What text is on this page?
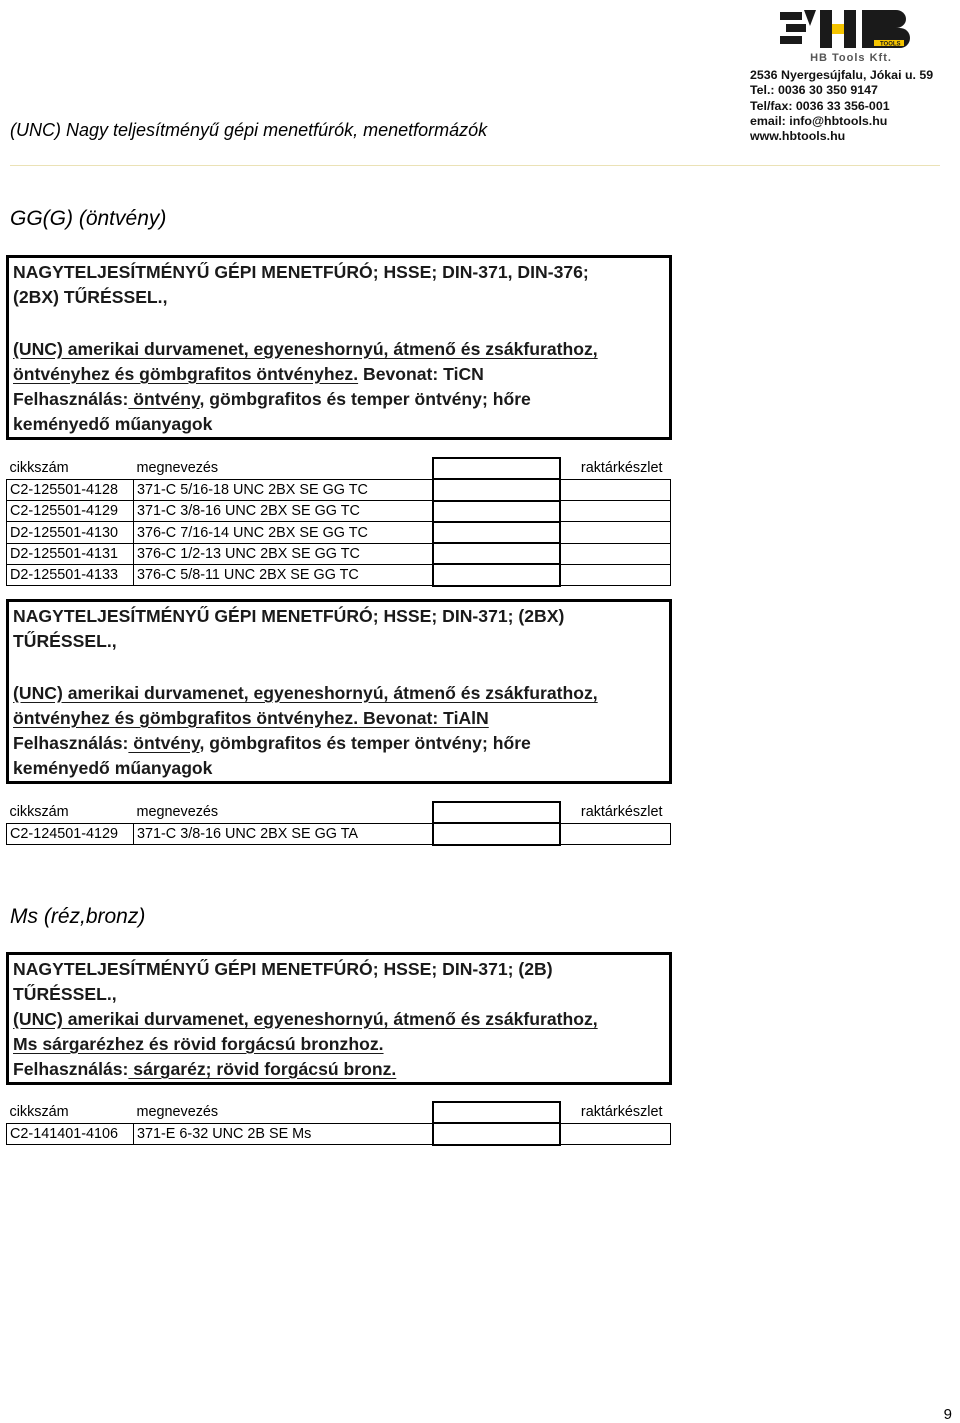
TOOLS
HB Tools Kft.
2536 Nyergesújfalu, Jókai u. 59
Tel.: 0036 30 350 9147
Tel/fax: 0036 33 356-001
email: info@hbtools.hu
www.hbtools.hu
(UNC) Nagy teljesítményű gépi menetfúrók, menetformázók
GG(G) (öntvény)
NAGYTELJESÍTMÉNYŰ GÉPI MENETFÚRÓ; HSSE; DIN-371, DIN-376;
(2BX) TŰRÉSSEL.,
(UNC) amerikai durvamenet, egyeneshornyú, átmenő és zsákfurathoz,
öntvényhez és gömbgrafitos öntvényhez. Bevonat: TiCN
Felhasználás: öntvény, gömbgrafitos és temper öntvény; hőre
keményedő műanyagok
cikkszám	megnevezés		raktárkészlet
C2-125501-4128	371-C 5/16-18 UNC 2BX SE GG TC		
C2-125501-4129	371-C 3/8-16 UNC 2BX SE GG TC		
D2-125501-4130	376-C 7/16-14 UNC 2BX SE GG TC		
D2-125501-4131	376-C 1/2-13 UNC 2BX SE GG TC		
D2-125501-4133	376-C 5/8-11 UNC 2BX SE GG TC		
NAGYTELJESÍTMÉNYŰ GÉPI MENETFÚRÓ; HSSE; DIN-371; (2BX)
TŰRÉSSEL.,
(UNC) amerikai durvamenet, egyeneshornyú, átmenő és zsákfurathoz,
öntvényhez és gömbgrafitos öntvényhez. Bevonat: TiAlN
Felhasználás: öntvény, gömbgrafitos és temper öntvény; hőre
keményedő műanyagok
cikkszám	megnevezés		raktárkészlet
C2-124501-4129	371-C 3/8-16 UNC 2BX SE GG TA		
Ms (réz,bronz)
NAGYTELJESÍTMÉNYŰ GÉPI MENETFÚRÓ; HSSE; DIN-371; (2B)
TŰRÉSSEL.,
(UNC) amerikai durvamenet, egyeneshornyú, átmenő és zsákfurathoz,
Ms sárgarézhez és rövid forgácsú bronzhoz.
Felhasználás: sárgaréz; rövid forgácsú bronz.
cikkszám	megnevezés		raktárkészlet
C2-141401-4106	371-E 6-32 UNC 2B SE Ms		
9
